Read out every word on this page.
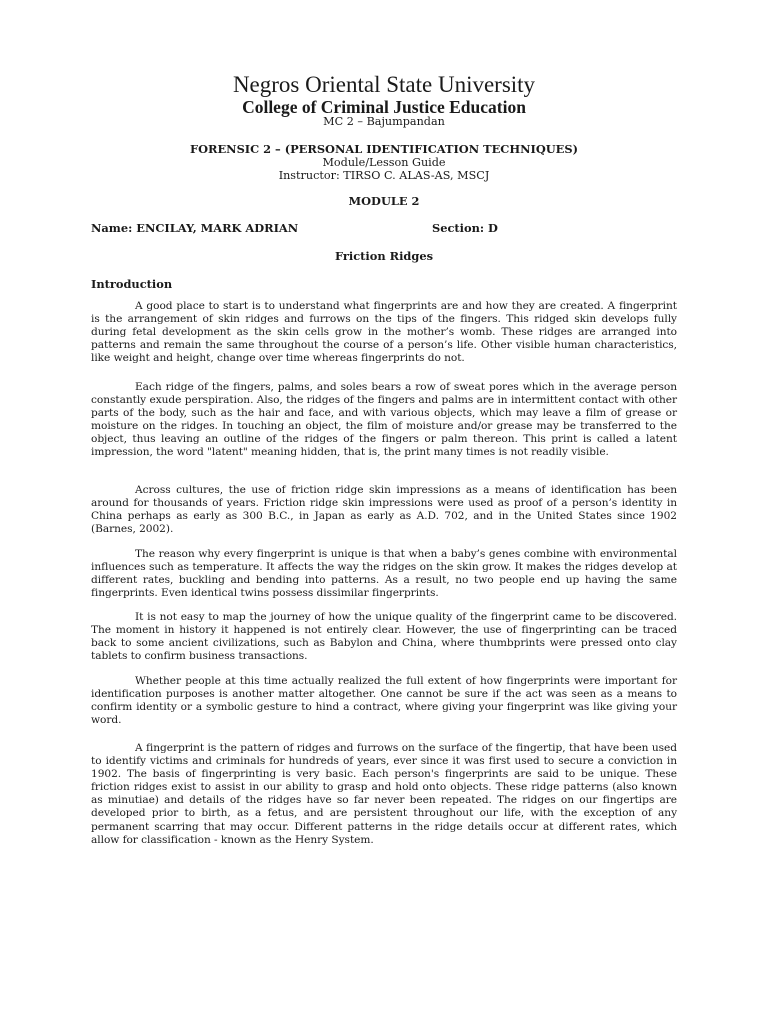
Negros Oriental State University
College of Criminal Justice Education
MC 2 – Bajumpandan
FORENSIC 2 – (PERSONAL IDENTIFICATION TECHNIQUES)
Module/Lesson Guide
Instructor: TIRSO C. ALAS-AS, MSCJ
MODULE 2
Name: ENCILAY, MARK ADRIAN	Section: D
Friction Ridges
Introduction

A good place to start is to understand what fingerprints are and how they are created. A fingerprint is the arrangement of skin ridges and furrows on the tips of the fingers. This ridged skin develops fully during fetal development as the skin cells grow in the mother’s womb. These ridges are arranged into patterns and remain the same throughout the course of a person’s life. Other visible human characteristics, like weight and height, change over time whereas fingerprints do not.

Each ridge of the fingers, palms, and soles bears a row of sweat pores which in the average person constantly exude perspiration. Also, the ridges of the fingers and palms are in intermittent contact with other parts of the body, such as the hair and face, and with various objects, which may leave a film of grease or moisture on the ridges. In touching an object, the film of moisture and/or grease may be transferred to the object, thus leaving an outline of the ridges of the fingers or palm thereon. This print is called a latent impression, the word "latent" meaning hidden, that is, the print many times is not readily visible.

Across cultures, the use of friction ridge skin impressions as a means of identification has been around for thousands of years. Friction ridge skin impressions were used as proof of a person’s identity in China perhaps as early as 300 B.C., in Japan as early as A.D. 702, and in the United States since 1902 (Barnes, 2002).

The reason why every fingerprint is unique is that when a baby’s genes combine with environmental influences such as temperature. It affects the way the ridges on the skin grow. It makes the ridges develop at different rates, buckling and bending into patterns. As a result, no two people end up having the same fingerprints. Even identical twins possess dissimilar fingerprints.

It is not easy to map the journey of how the unique quality of the fingerprint came to be discovered. The moment in history it happened is not entirely clear. However, the use of fingerprinting can be traced back to some ancient civilizations, such as Babylon and China, where thumbprints were pressed onto clay tablets to confirm business transactions.

Whether people at this time actually realized the full extent of how fingerprints were important for identification purposes is another matter altogether. One cannot be sure if the act was seen as a means to confirm identity or a symbolic gesture to hind a contract, where giving your fingerprint was like giving your word.

A fingerprint is the pattern of ridges and furrows on the surface of the fingertip, that have been used to identify victims and criminals for hundreds of years, ever since it was first used to secure a conviction in 1902. The basis of fingerprinting is very basic. Each person's fingerprints are said to be unique. These friction ridges exist to assist in our ability to grasp and hold onto objects. These ridge patterns (also known as minutiae) and details of the ridges have so far never been repeated. The ridges on our fingertips are developed prior to birth, as a fetus, and are persistent throughout our life, with the exception of any permanent scarring that may occur. Different patterns in the ridge details occur at different rates, which allow for classification - known as the Henry System.
